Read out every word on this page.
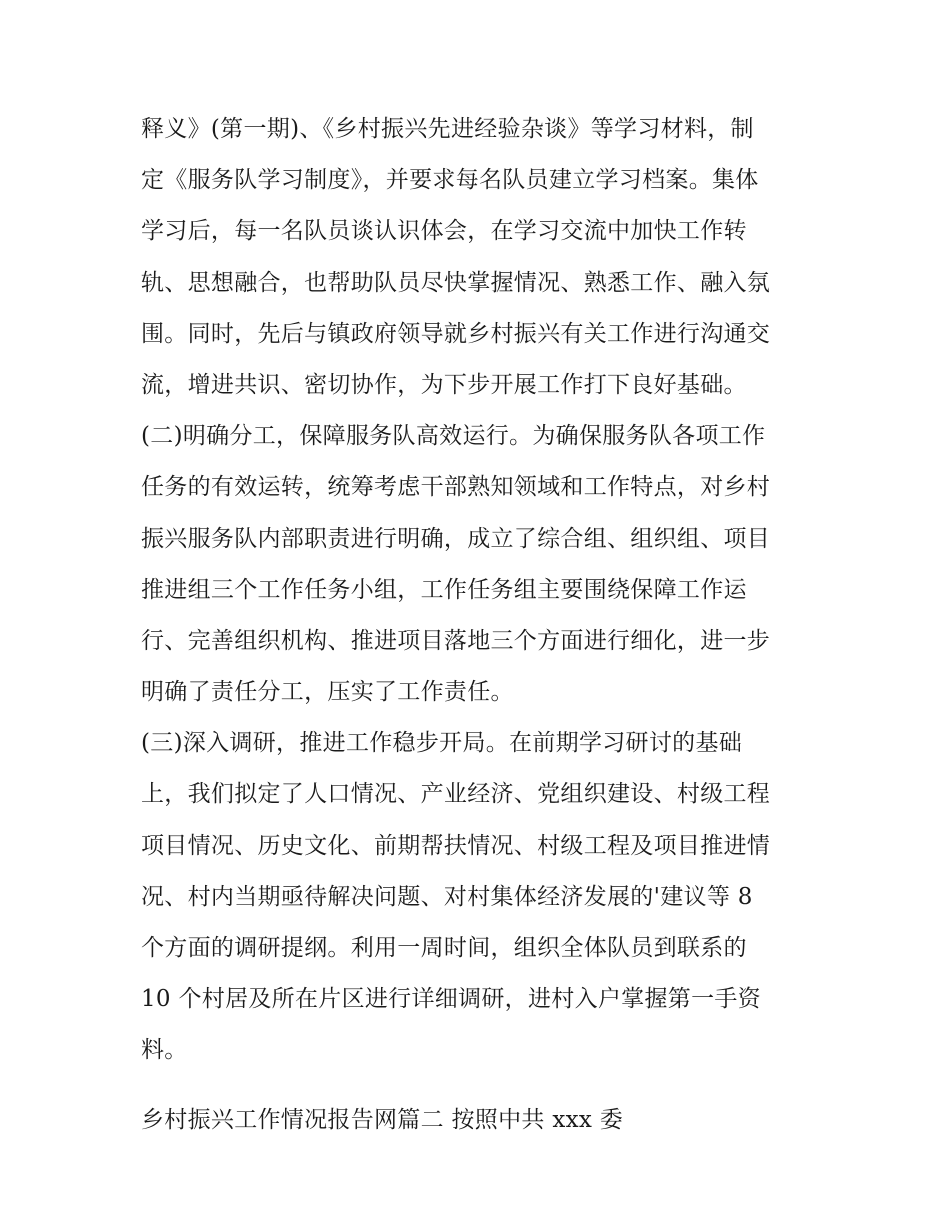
释义》(第一期)、《乡村振兴先进经验杂谈》等学习材料，制
定《服务队学习制度》，并要求每名队员建立学习档案。集体
学习后，每一名队员谈认识体会，在学习交流中加快工作转
轨、思想融合，也帮助队员尽快掌握情况、熟悉工作、融入氛
围。同时，先后与镇政府领导就乡村振兴有关工作进行沟通交
流，增进共识、密切协作，为下步开展工作打下良好基础。
(二)明确分工，保障服务队高效运行。为确保服务队各项工作
任务的有效运转，统筹考虑干部熟知领域和工作特点，对乡村
振兴服务队内部职责进行明确，成立了综合组、组织组、项目
推进组三个工作任务小组，工作任务组主要围绕保障工作运
行、完善组织机构、推进项目落地三个方面进行细化，进一步
明确了责任分工，压实了工作责任。
(三)深入调研，推进工作稳步开局。在前期学习研讨的基础
上，我们拟定了人口情况、产业经济、党组织建设、村级工程
项目情况、历史文化、前期帮扶情况、村级工程及项目推进情
况、村内当期亟待解决问题、对村集体经济发展的'建议等 8
个方面的调研提纲。利用一周时间，组织全体队员到联系的
10 个村居及所在片区进行详细调研，进村入户掌握第一手资
料。
乡村振兴工作情况报告网篇二 按照中共 xxx 委
